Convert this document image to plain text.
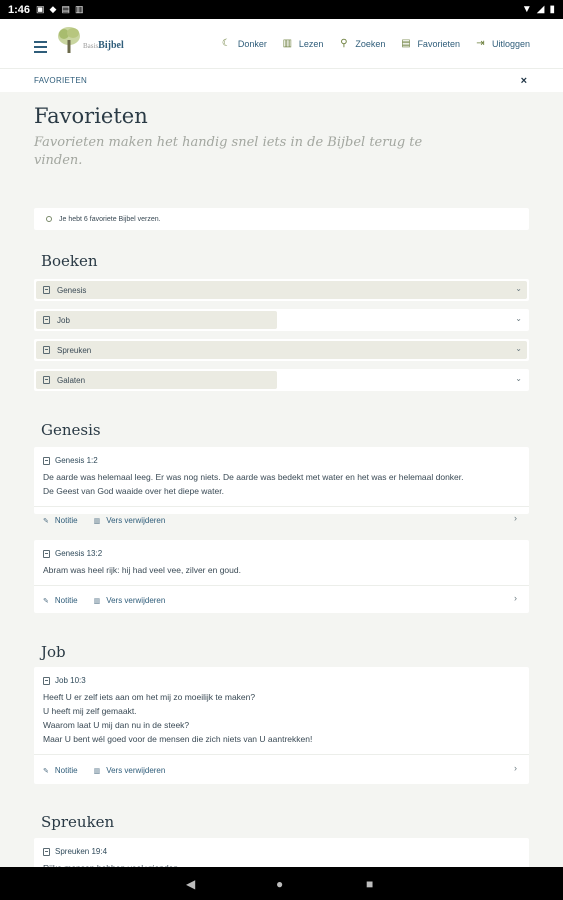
1:46 ▣ ◆ ▤ ▥	▼ ◢ ▮
BasisBijbel	☾ Donker ▥ Lezen ⚲ Zoeken ▤ Favorieten ⇥ Uitloggen
FAVORIETEN	×
Favorieten
Favorieten maken het handig snel iets in de Bijbel terug te vinden.
Je hebt 6 favoriete Bijbel verzen.
Boeken
Genesis	⌄
Job	⌄
Spreuken	⌄
Galaten	⌄
Genesis
Genesis 1:2
De aarde was helemaal leeg. Er was nog niets. De aarde was bedekt met water en het was er helemaal donker.
De Geest van God waaide over het diepe water.
✎ Notitie ▥ Vers verwijderen	›
Genesis 13:2
Abram was heel rijk: hij had veel vee, zilver en goud.
✎ Notitie ▥ Vers verwijderen	›
Job
Job 10:3
Heeft U er zelf iets aan om het mij zo moeilijk te maken?
U heeft mij zelf gemaakt.
Waarom laat U mij dan nu in de steek?
Maar U bent wél goed voor de mensen die zich niets van U aantrekken!
✎ Notitie ▥ Vers verwijderen	›
Spreuken
Spreuken 19:4
◀	●	■
